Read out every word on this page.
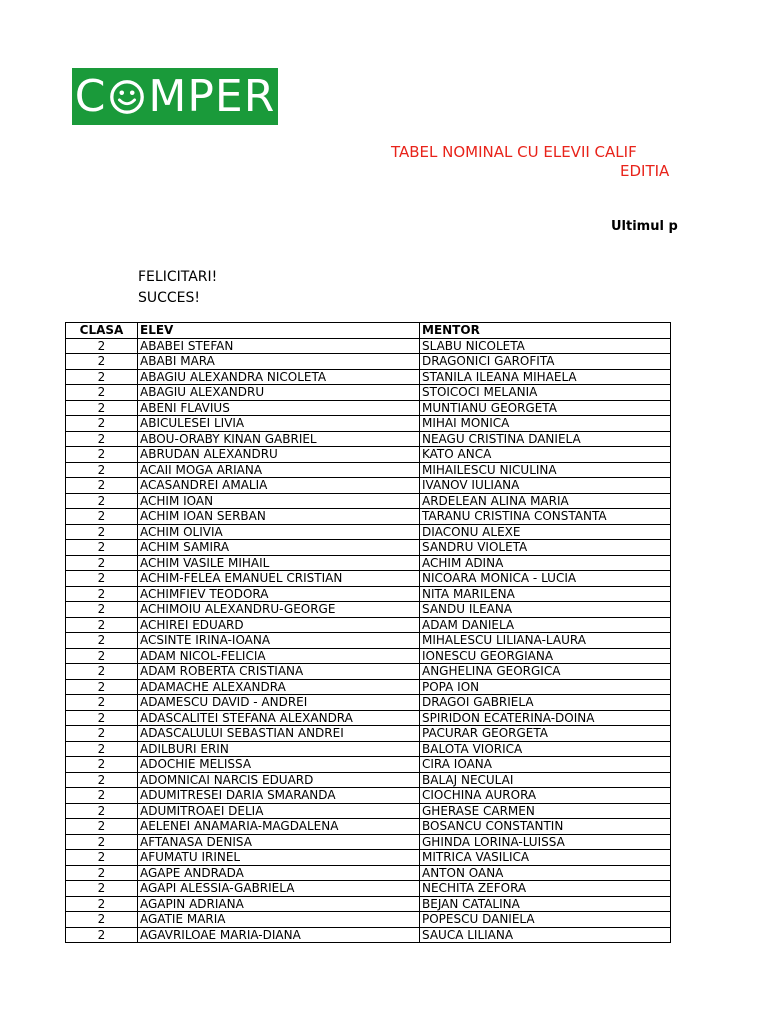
C MPER
TABEL NOMINAL CU ELEVII CALIF
EDITIA
Ultimul p
FELICITARI!
SUCCES!
CLASA	ELEV	MENTOR
2	ABABEI STEFAN	SLABU NICOLETA
2	ABABI MARA	DRAGONICI GAROFITA
2	ABAGIU ALEXANDRA NICOLETA	STANILA ILEANA MIHAELA
2	ABAGIU ALEXANDRU	STOICOCI MELANIA
2	ABENI FLAVIUS	MUNTIANU GEORGETA
2	ABICULESEI LIVIA	MIHAI MONICA
2	ABOU-ORABY KINAN GABRIEL	NEAGU CRISTINA DANIELA
2	ABRUDAN ALEXANDRU	KATO ANCA
2	ACAII MOGA ARIANA	MIHAILESCU NICULINA
2	ACASANDREI AMALIA	IVANOV IULIANA
2	ACHIM IOAN	ARDELEAN ALINA MARIA
2	ACHIM IOAN SERBAN	TARANU CRISTINA CONSTANTA
2	ACHIM OLIVIA	DIACONU ALEXE
2	ACHIM SAMIRA	SANDRU VIOLETA
2	ACHIM VASILE MIHAIL	ACHIM ADINA
2	ACHIM-FELEA EMANUEL CRISTIAN	NICOARA MONICA - LUCIA
2	ACHIMFIEV TEODORA	NITA MARILENA
2	ACHIMOIU ALEXANDRU-GEORGE	SANDU ILEANA
2	ACHIREI EDUARD	ADAM DANIELA
2	ACSINTE IRINA-IOANA	MIHALESCU LILIANA-LAURA
2	ADAM NICOL-FELICIA	IONESCU GEORGIANA
2	ADAM ROBERTA CRISTIANA	ANGHELINA GEORGICA
2	ADAMACHE ALEXANDRA	POPA ION
2	ADAMESCU DAVID - ANDREI	DRAGOI GABRIELA
2	ADASCALITEI STEFANA ALEXANDRA	SPIRIDON ECATERINA-DOINA
2	ADASCALULUI SEBASTIAN ANDREI	PACURAR GEORGETA
2	ADILBURI ERIN	BALOTA VIORICA
2	ADOCHIE MELISSA	CIRA IOANA
2	ADOMNICAI NARCIS EDUARD	BALAJ NECULAI
2	ADUMITRESEI DARIA SMARANDA	CIOCHINA AURORA
2	ADUMITROAEI DELIA	GHERASE CARMEN
2	AELENEI ANAMARIA-MAGDALENA	BOSANCU CONSTANTIN
2	AFTANASA DENISA	GHINDA LORINA-LUISSA
2	AFUMATU IRINEL	MITRICA VASILICA
2	AGAPE ANDRADA	ANTON OANA
2	AGAPI ALESSIA-GABRIELA	NECHITA ZEFORA
2	AGAPIN ADRIANA	BEJAN CATALINA
2	AGATIE MARIA	POPESCU DANIELA
2	AGAVRILOAE MARIA-DIANA	SAUCA LILIANA
